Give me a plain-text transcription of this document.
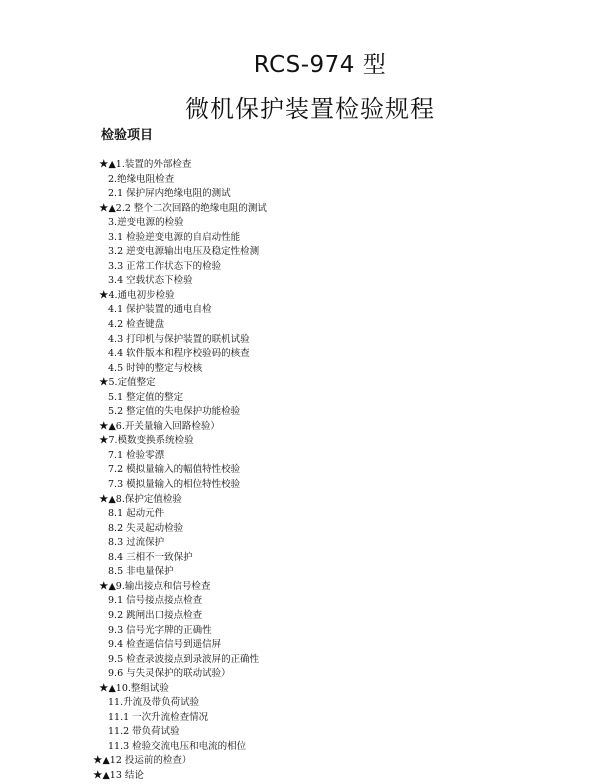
RCS-974 型
微机保护装置检验规程
检验项目
★▲1.装置的外部检查
2.绝缘电阻检查
2.1 保护屏内绝缘电阻的测试
★▲2.2 整个二次回路的绝缘电阻的测试
3.逆变电源的检验
3.1 检验逆变电源的自启动性能
3.2 逆变电源输出电压及稳定性检测
3.3 正常工作状态下的检验
3.4 空载状态下检验
★4.通电初步检验
4.1 保护装置的通电自检
4.2 检查键盘
4.3 打印机与保护装置的联机试验
4.4 软件版本和程序校验码的核查
4.5 时钟的整定与校核
★5.定值整定
5.1 整定值的整定
5.2 整定值的失电保护功能检验
★▲6.开关量输入回路检验）
★7.模数变换系统检验
7.1 检验零漂
7.2 模拟量输入的幅值特性校验
7.3 模拟量输入的相位特性校验
★▲8.保护定值检验
8.1 起动元件
8.2 失灵起动检验
8.3 过流保护
8.4 三相不一致保护
8.5 非电量保护
★▲9.输出接点和信号检查
9.1 信号接点接点检查
9.2 跳闸出口接点检查
9.3 信号光字牌的正确性
9.4 检查遥信信号到遥信屏
9.5 检查录波接点到录波屏的正确性
9.6 与失灵保护的联动试验）
★▲10.整组试验
11.升流及带负荷试验
11.1 一次升流检查情况
11.2 带负荷试验
11.3 检验交流电压和电流的相位
★▲12 投运前的检查）
★▲13 结论
